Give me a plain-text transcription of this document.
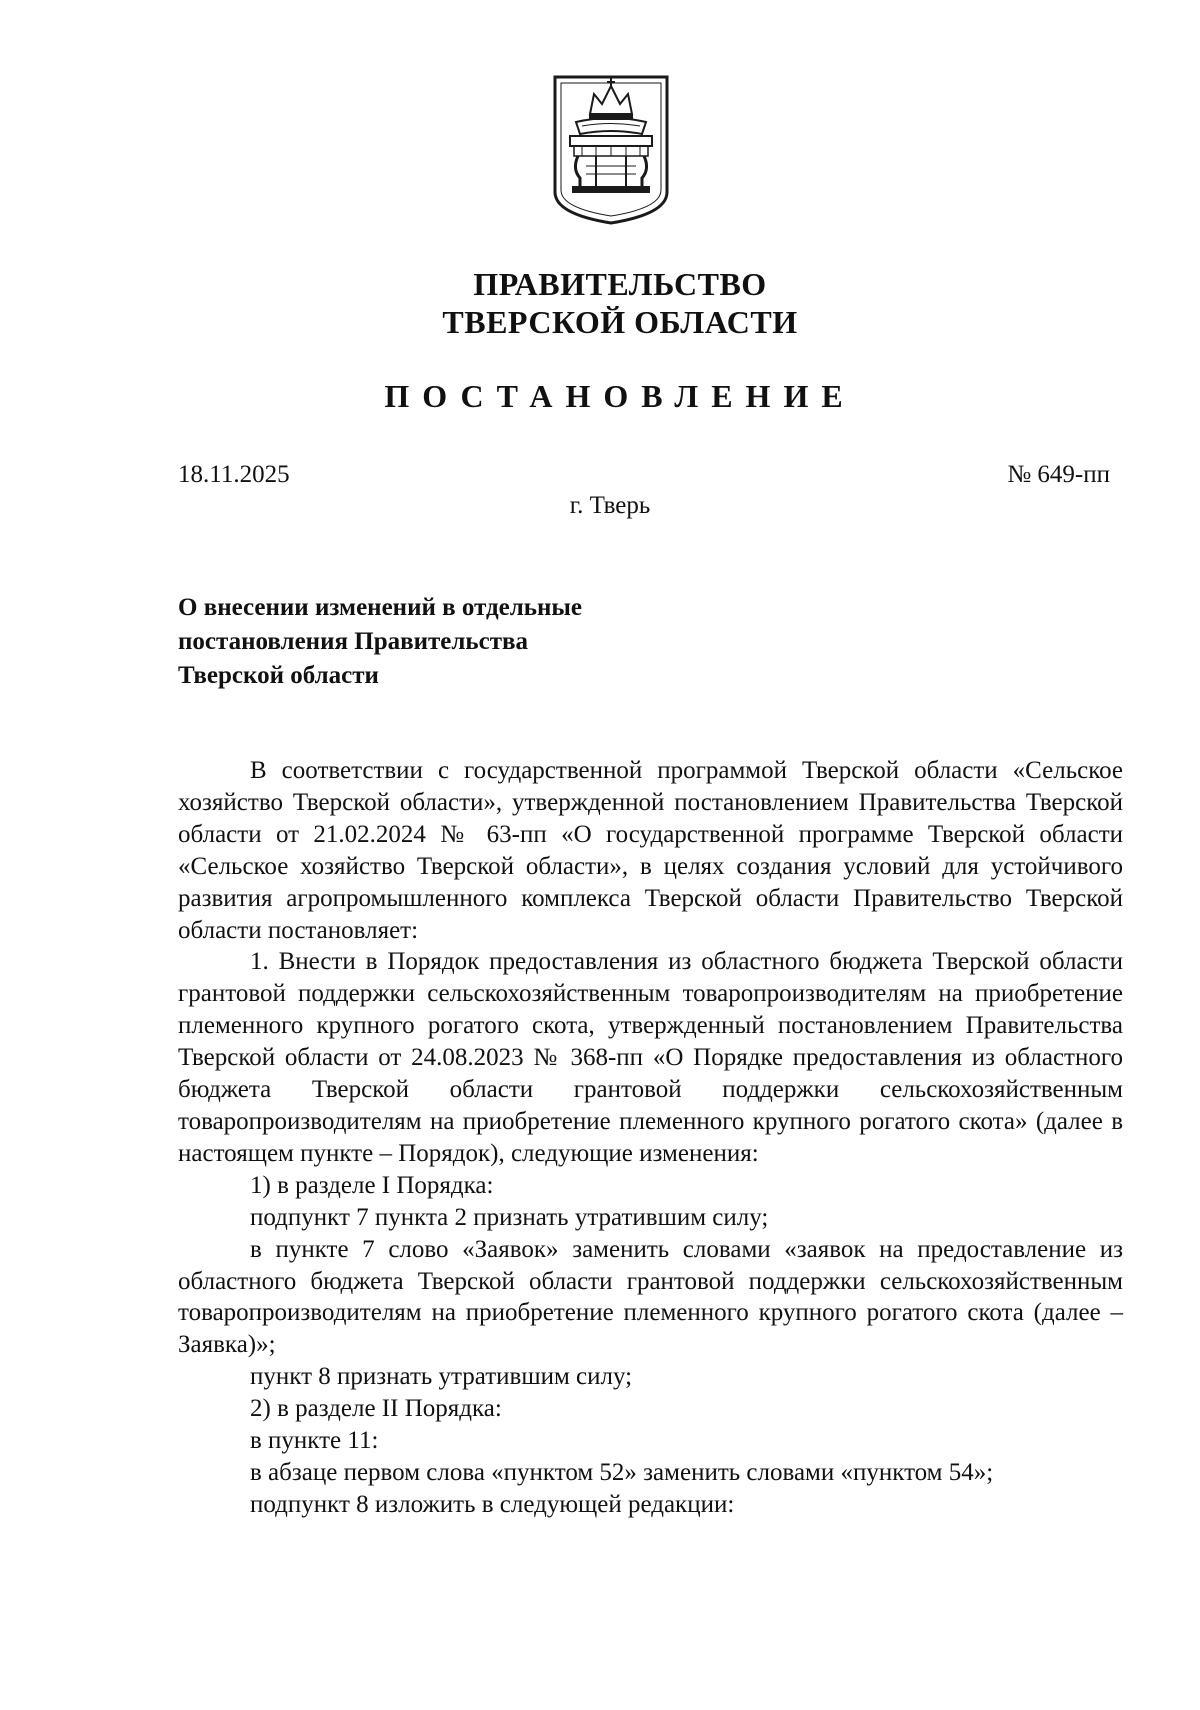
ПРАВИТЕЛЬСТВО
ТВЕРСКОЙ ОБЛАСТИ
ПОСТАНОВЛЕНИЕ
18.11.2025	№ 649-пп
г. Тверь
О внесении изменений в отдельные
постановления Правительства
Тверской области

В соответствии с государственной программой Тверской области «Сельское хозяйство Тверской области», утвержденной постановлением Правительства Тверской области от 21.02.2024 № 63-пп «О государственной программе Тверской области «Сельское хозяйство Тверской области», в целях создания условий для устойчивого развития агропромышленного комплекса Тверской области Правительство Тверской области постановляет:

1. Внести в Порядок предоставления из областного бюджета Тверской области грантовой поддержки сельскохозяйственным товаропроизводителям на приобретение племенного крупного рогатого скота, утвержденный постановлением Правительства Тверской области от 24.08.2023 № 368-пп «О Порядке предоставления из областного бюджета Тверской области грантовой поддержки сельскохозяйственным товаропроизводителям на приобретение племенного крупного рогатого скота» (далее в настоящем пункте – Порядок), следующие изменения:

1) в разделе I Порядка:

подпункт 7 пункта 2 признать утратившим силу;

в пункте 7 слово «Заявок» заменить словами «заявок на предоставление из областного бюджета Тверской области грантовой поддержки сельскохозяйственным товаропроизводителям на приобретение племенного крупного рогатого скота (далее – Заявка)»;

пункт 8 признать утратившим силу;

2) в разделе II Порядка:

в пункте 11:

в абзаце первом слова «пунктом 52» заменить словами «пунктом 54»;

подпункт 8 изложить в следующей редакции:
